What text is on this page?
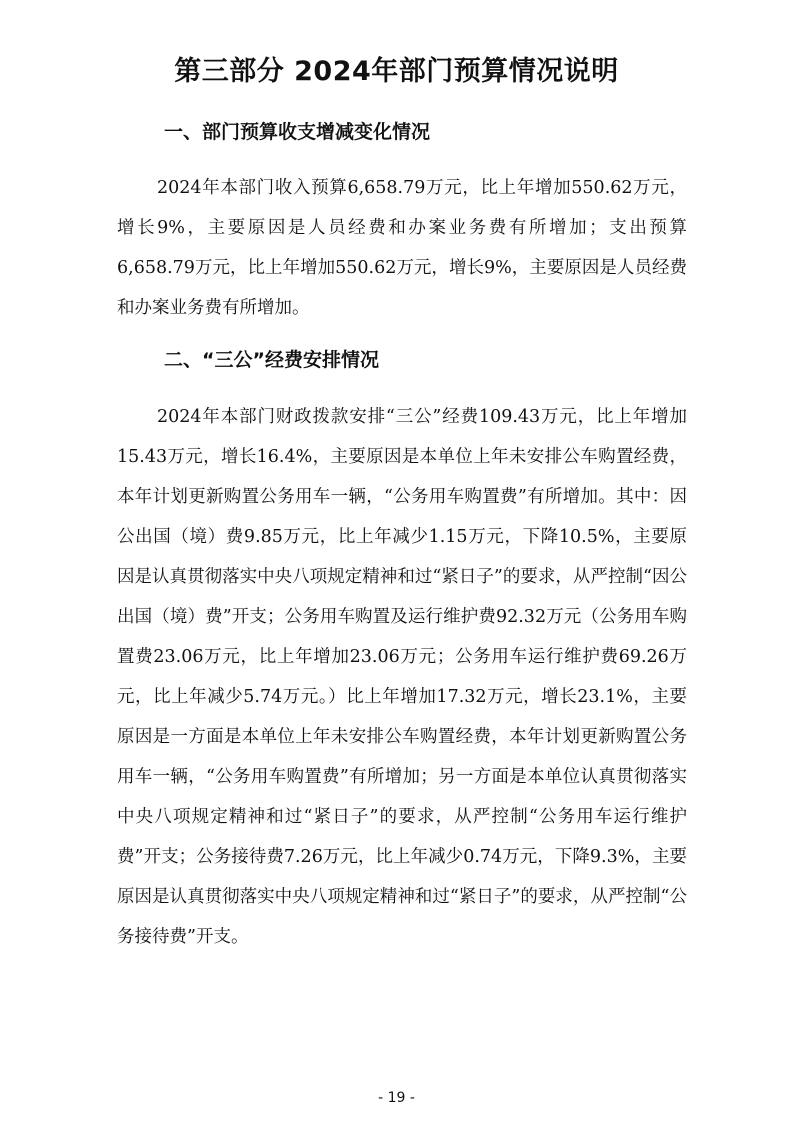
第三部分 2024年部门预算情况说明
一、部门预算收支增减变化情况

2024年本部门收入预算6,658.79万元，比上年增加550.62万元，增长9%，主要原因是人员经费和办案业务费有所增加；支出预算6,658.79万元，比上年增加550.62万元，增长9%，主要原因是人员经费和办案业务费有所增加。

二、“三公”经费安排情况

2024年本部门财政拨款安排“三公”经费109.43万元，比上年增加15.43万元，增长16.4%，主要原因是本单位上年未安排公车购置经费，本年计划更新购置公务用车一辆，“公务用车购置费”有所增加。其中：因公出国（境）费9.85万元，比上年减少1.15万元，下降10.5%，主要原因是认真贯彻落实中央八项规定精神和过“紧日子”的要求，从严控制“因公出国（境）费”开支；公务用车购置及运行维护费92.32万元（公务用车购置费23.06万元，比上年增加23.06万元；公务用车运行维护费69.26万元，比上年减少5.74万元。）比上年增加17.32万元，增长23.1%，主要原因是一方面是本单位上年未安排公车购置经费，本年计划更新购置公务用车一辆，“公务用车购置费”有所增加；另一方面是本单位认真贯彻落实中央八项规定精神和过“紧日子”的要求，从严控制“公务用车运行维护费”开支；公务接待费7.26万元，比上年减少0.74万元，下降9.3%，主要原因是认真贯彻落实中央八项规定精神和过“紧日子”的要求，从严控制“公务接待费”开支。

- 19 -
